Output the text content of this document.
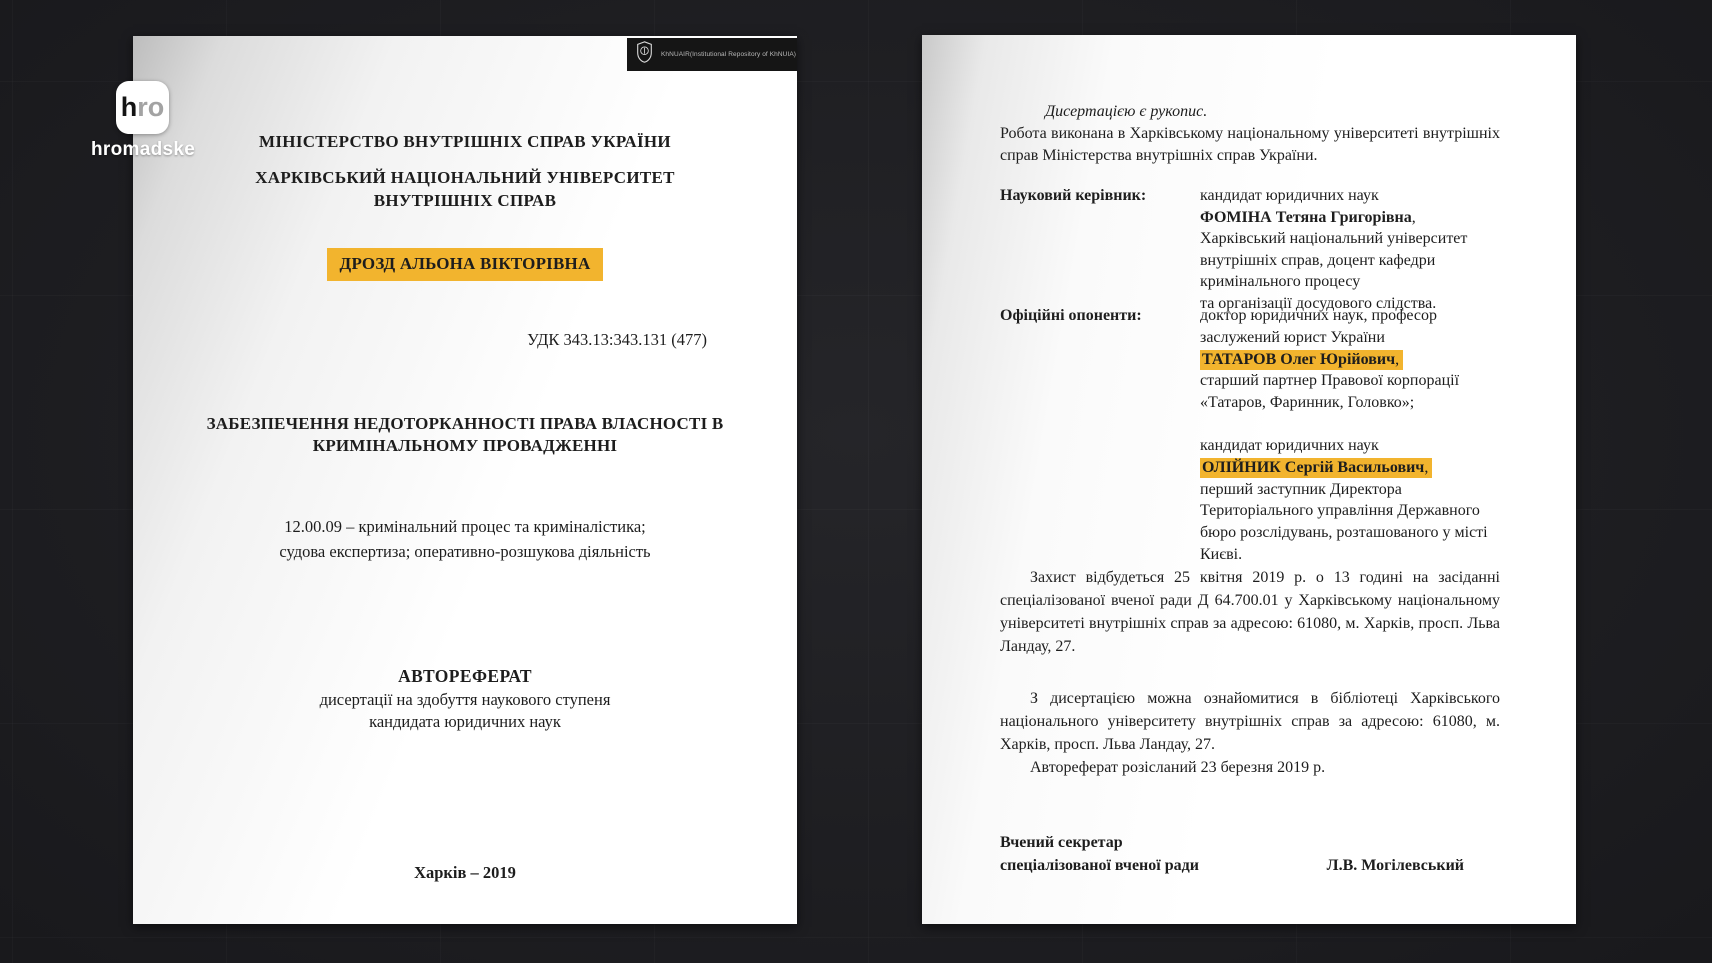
KhNUAIR(Institutional Repository of KhNUIA)
МІНІСТЕРСТВО ВНУТРІШНІХ СПРАВ УКРАЇНИ
ХАРКІВСЬКИЙ НАЦІОНАЛЬНИЙ УНІВЕРСИТЕТ
ВНУТРІШНІХ СПРАВ
ДРОЗД АЛЬОНА ВІКТОРІВНА
УДК 343.13:343.131 (477)
ЗАБЕЗПЕЧЕННЯ НЕДОТОРКАННОСТІ ПРАВА ВЛАСНОСТІ В
КРИМІНАЛЬНОМУ ПРОВАДЖЕННІ
12.00.09 – кримінальний процес та криміналістика;
судова експертиза; оперативно-розшукова діяльність
АВТОРЕФЕРАТ
дисертації на здобуття наукового ступеня
кандидата юридичних наук
Харків – 2019
Дисертацією є рукопис.
Робота виконана в Харківському національному університеті внутрішніх справ Міністерства внутрішніх справ України.
Науковий керівник:	кандидат юридичних наук
ФОМІНА Тетяна Григорівна,
Харківський національний університет
внутрішніх справ, доцент кафедри
кримінального процесу
та організації досудового слідства.
Офіційні опоненти:	доктор юридичних наук, професор
заслужений юрист України
ТАТАРОВ Олег Юрійович,
старший партнер Правової корпорації
«Татаров, Фаринник, Головко»;
кандидат юридичних наук
ОЛІЙНИК Сергій Васильович,
перший заступник Директора
Територіального управління Державного
бюро розслідувань, розташованого у місті
Києві.
Захист відбудеться 25 квітня 2019 р. о 13 годині на засіданні спеціалізованої вченої ради Д 64.700.01 у Харківському національному університеті внутрішніх справ за адресою: 61080, м. Харків, просп. Льва Ландау, 27.
З дисертацією можна ознайомитися в бібліотеці Харківського національного університету внутрішніх справ за адресою: 61080, м. Харків, просп. Льва Ландау, 27.
Автореферат розісланий 23 березня 2019 р.
Вчений секретар
спеціалізованої вченої ради	Л.В. Могілевський
h ro
hromadske
